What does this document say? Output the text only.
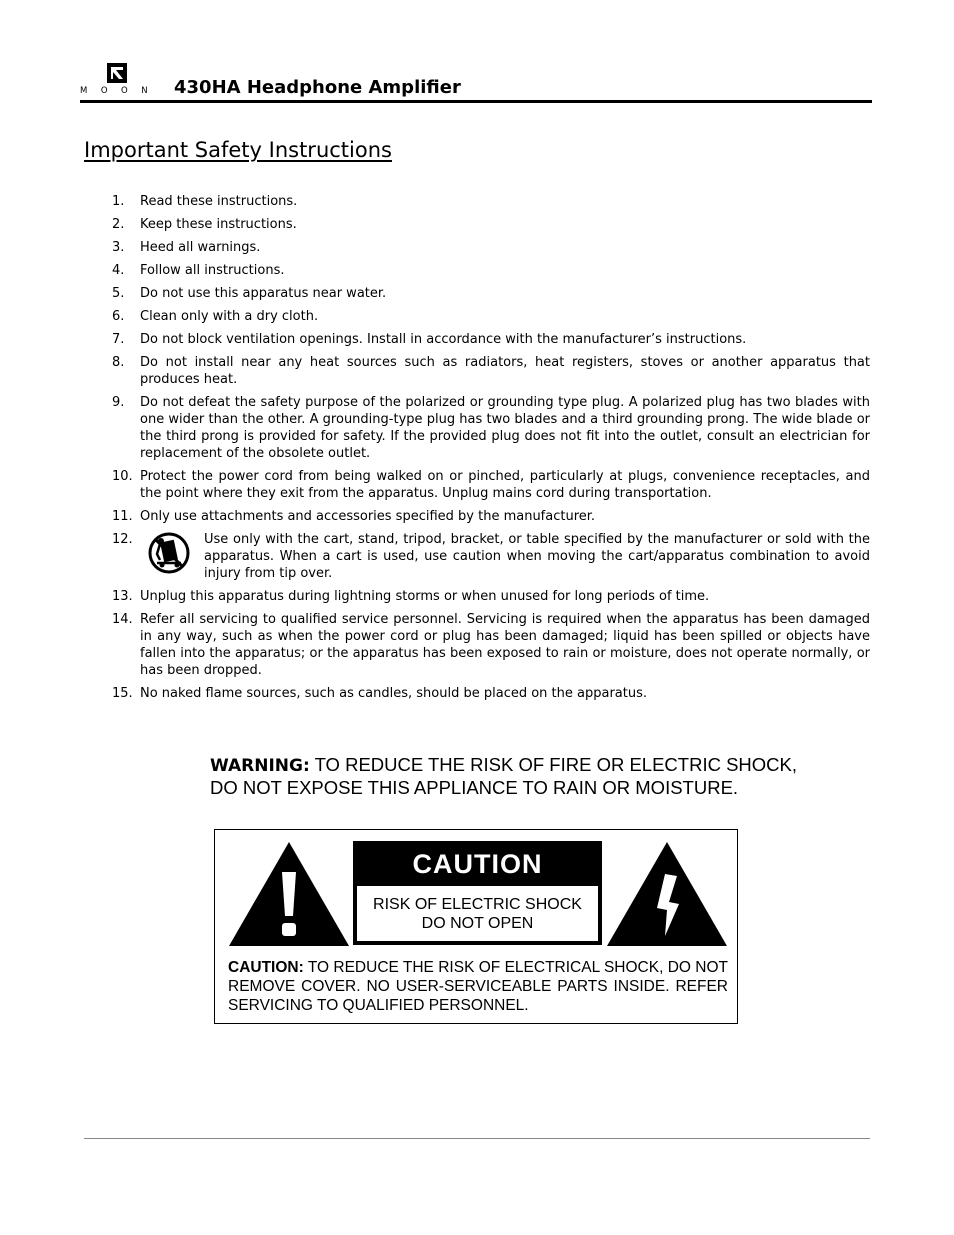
MOON 430HA Headphone Amplifier
Important Safety Instructions
1. Read these instructions.
2. Keep these instructions.
3. Heed all warnings.
4. Follow all instructions.
5. Do not use this apparatus near water.
6. Clean only with a dry cloth.
7. Do not block ventilation openings. Install in accordance with the manufacturer’s instructions.
8. Do not install near any heat sources such as radiators, heat registers, stoves or another apparatus that produces heat.
9. Do not defeat the safety purpose of the polarized or grounding type plug. A polarized plug has two blades with one wider than the other. A grounding-type plug has two blades and a third grounding prong. The wide blade or the third prong is provided for safety. If the provided plug does not fit into the outlet, consult an electrician for replacement of the obsolete outlet.
10. Protect the power cord from being walked on or pinched, particularly at plugs, convenience receptacles, and the point where they exit from the apparatus. Unplug mains cord during transportation.
11. Only use attachments and accessories specified by the manufacturer.
12.	Use only with the cart, stand, tripod, bracket, or table specified by the manufacturer or sold with the apparatus. When a cart is used, use caution when moving the cart/apparatus combination to avoid injury from tip over.
13. Unplug this apparatus during lightning storms or when unused for long periods of time.
14. Refer all servicing to qualified service personnel. Servicing is required when the apparatus has been damaged in any way, such as when the power cord or plug has been damaged; liquid has been spilled or objects have fallen into the apparatus; or the apparatus has been exposed to rain or moisture, does not operate normally, or has been dropped.
15. No naked flame sources, such as candles, should be placed on the apparatus.
WARNING: TO REDUCE THE RISK OF FIRE OR ELECTRIC SHOCK,
DO NOT EXPOSE THIS APPLIANCE TO RAIN OR MOISTURE.
CAUTION
RISK OF ELECTRIC SHOCK
DO NOT OPEN
CAUTION: TO REDUCE THE RISK OF ELECTRICAL SHOCK, DO NOT REMOVE COVER. NO USER-SERVICEABLE PARTS INSIDE. REFER SERVICING TO QUALIFIED PERSONNEL.
